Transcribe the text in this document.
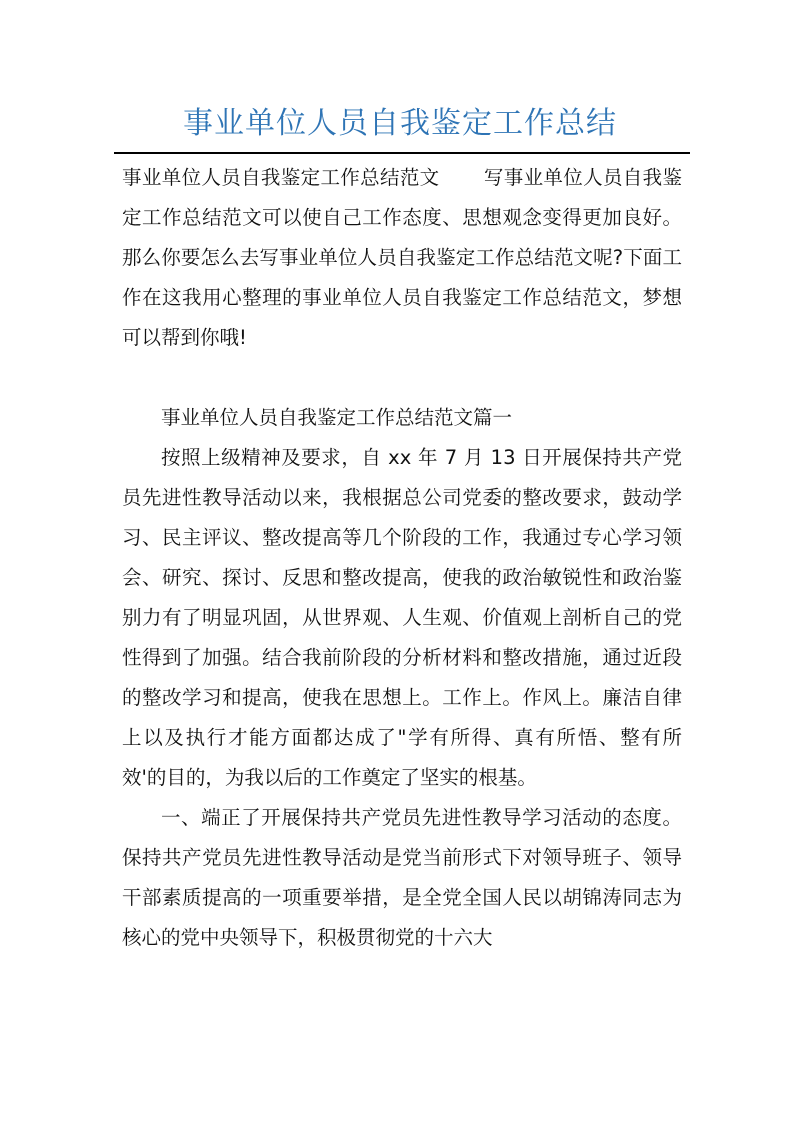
事业单位人员自我鉴定工作总结

事业单位人员自我鉴定工作总结范文 写事业单位人员自我鉴定工作总结范文可以使自己工作态度、思想观念变得更加良好。那么你要怎么去写事业单位人员自我鉴定工作总结范文呢?下面工作在这我用心整理的事业单位人员自我鉴定工作总结范文，梦想可以帮到你哦!

事业单位人员自我鉴定工作总结范文篇一

按照上级精神及要求，自 xx 年 7 月 13 日开展保持共产党员先进性教导活动以来，我根据总公司党委的整改要求，鼓动学习、民主评议、整改提高等几个阶段的工作，我通过专心学习领会、研究、探讨、反思和整改提高，使我的政治敏锐性和政治鉴别力有了明显巩固，从世界观、人生观、价值观上剖析自己的党性得到了加强。结合我前阶段的分析材料和整改措施，通过近段的整改学习和提高，使我在思想上。工作上。作风上。廉洁自律上以及执行才能方面都达成了"学有所得、真有所悟、整有所效'的目的，为我以后的工作奠定了坚实的根基。

一、端正了开展保持共产党员先进性教导学习活动的态度。 保持共产党员先进性教导活动是党当前形式下对领导班子、领导干部素质提高的一项重要举措，是全党全国人民以胡锦涛同志为核心的党中央领导下，积极贯彻党的十六大
